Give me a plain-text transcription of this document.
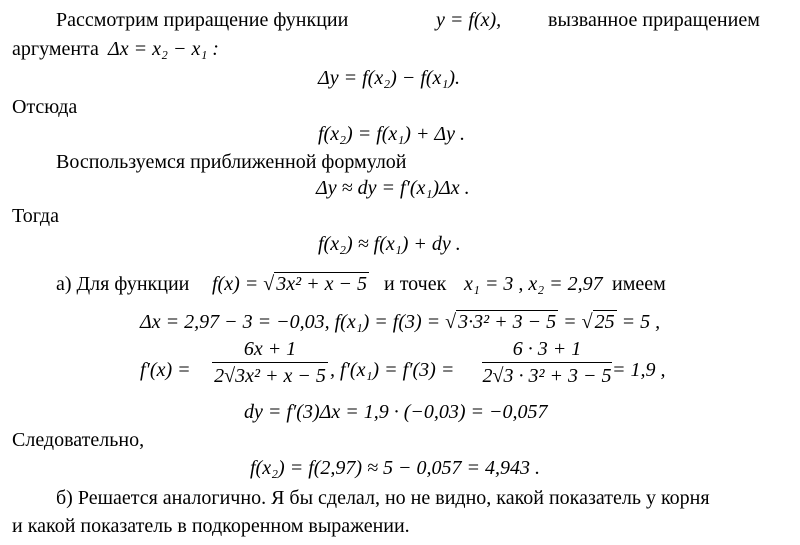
Рассмотрим приращение функции	y = f(x), вызванное приращением
аргумента Δx = x₂ − x₁ :
Δy = f(x₂) − f(x₁).
Отсюда
f(x₂) = f(x₁) + Δy .
Воспользуемся приближенной формулой
Δy ≈ dy = f′(x₁)Δx .
Тогда
f(x₂) ≈ f(x₁) + dy .
а) Для функции f(x) = √ 3x² + x − 5 и точек x₁ = 3 , x₂ = 2,97 имеем
Δx = 2,97 − 3 = −0,03, f(x₁) = f(3) = √ 3·3² + 3 − 5 = √ 25 = 5 ,
f′(x) =
6x + 1
2√3x² + x − 5 , f′(x₁) = f′(3) =
6 · 3 + 1
2√3 · 3² + 3 − 5 = 1,9 ,
dy = f′(3)Δx = 1,9 · (−0,03) = −0,057
Следовательно,
f(x₂) = f(2,97) ≈ 5 − 0,057 = 4,943 .
б) Решается аналогично. Я бы сделал, но не видно, какой показатель у корня
и какой показатель в подкоренном выражении.
